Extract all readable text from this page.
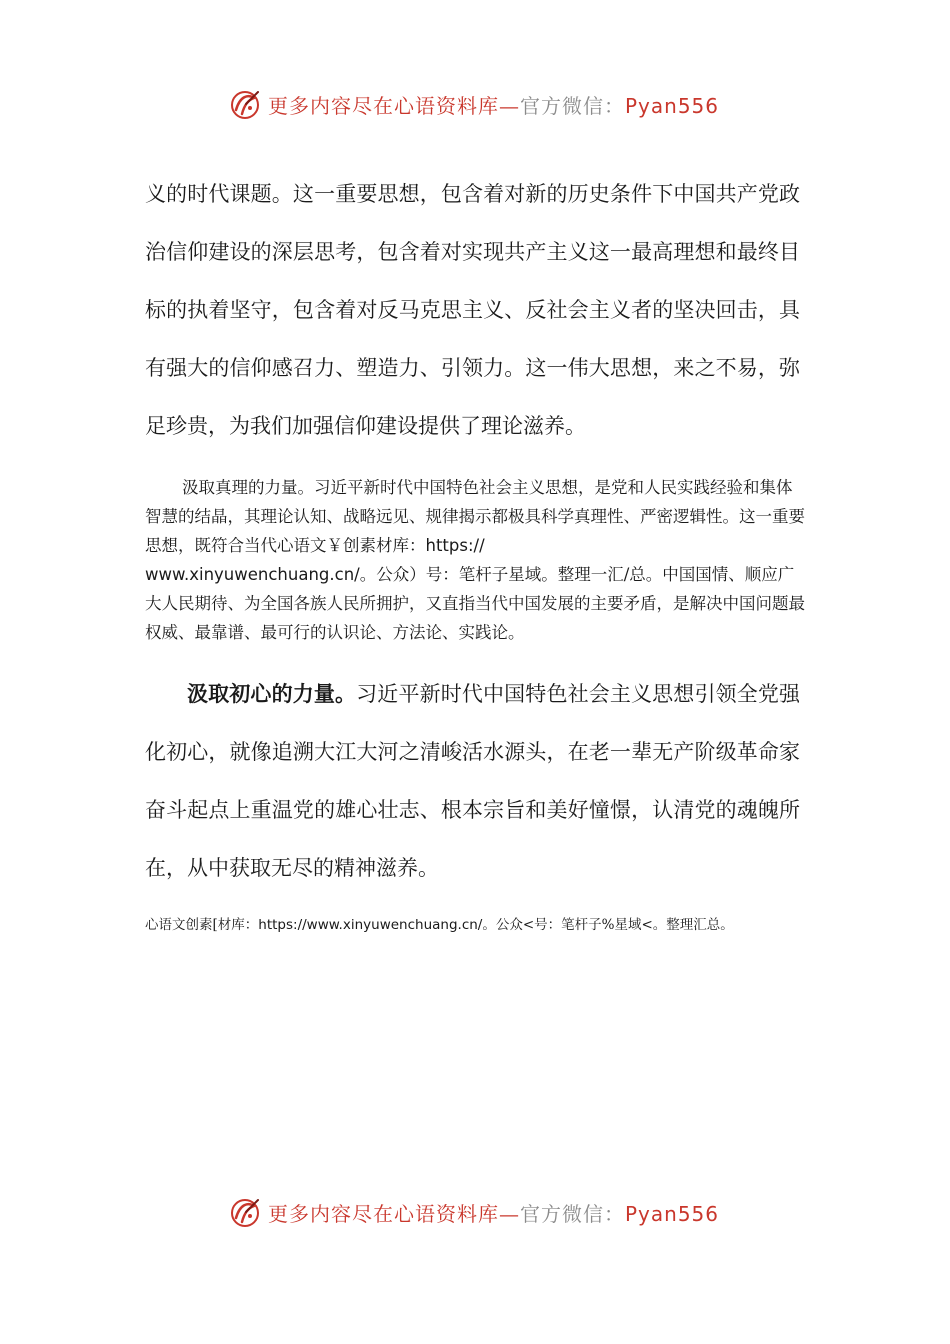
更多内容尽在心语资料库—官方微信：Pyan556

义的时代课题。这一重要思想，包含着对新的历史条件下中国共产党政治信仰建设的深层思考，包含着对实现共产主义这一最高理想和最终目标的执着坚守，包含着对反马克思主义、反社会主义者的坚决回击，具有强大的信仰感召力、塑造力、引领力。这一伟大思想，来之不易，弥足珍贵，为我们加强信仰建设提供了理论滋养。

汲取真理的力量。习近平新时代中国特色社会主义思想，是党和人民实践经验和集体智慧的结晶，其理论认知、战略远见、规律揭示都极具科学真理性、严密逻辑性。这一重要思想，既符合当代心语文￥创素材库：https://
www.xinyuwenchuang.cn/。公众）号：笔杆子星域。整理一汇/总。中国国情、顺应广大人民期待、为全国各族人民所拥护，又直指当代中国发展的主要矛盾，是解决中国问题最权威、最靠谱、最可行的认识论、方法论、实践论。

汲取初心的力量。习近平新时代中国特色社会主义思想引领全党强化初心，就像追溯大江大河之清峻活水源头，在老一辈无产阶级革命家奋斗起点上重温党的雄心壮志、根本宗旨和美好憧憬，认清党的魂魄所在，从中获取无尽的精神滋养。

心语文创素[材库：https://www.xinyuwenchuang.cn/。公众<号：笔杆子%星域<。整理汇总。
更多内容尽在心语资料库—官方微信：Pyan556
